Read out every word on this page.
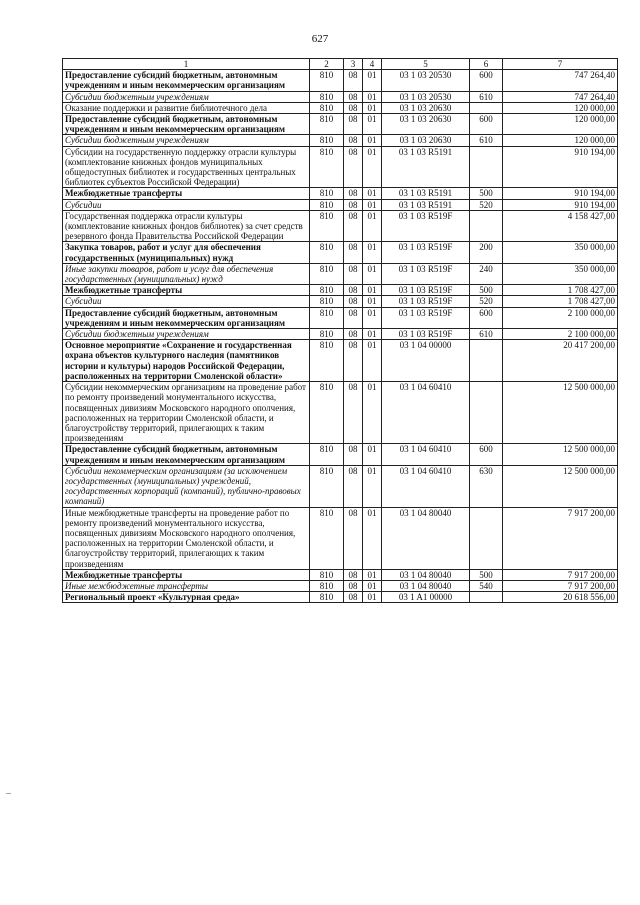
627
–
1	2	3	4	5	6	7
Предоставление субсидий бюджетным, автономным учреждениям и иным некоммерческим организациям	810	08	01	03 1 03 20530	600	747 264,40
Субсидии бюджетным учреждениям	810	08	01	03 1 03 20530	610	747 264,40
Оказание поддержки и развитие библиотечного дела	810	08	01	03 1 03 20630		120 000,00
Предоставление субсидий бюджетным, автономным учреждениям и иным некоммерческим организациям	810	08	01	03 1 03 20630	600	120 000,00
Субсидии бюджетным учреждениям	810	08	01	03 1 03 20630	610	120 000,00
Субсидии на государственную поддержку отрасли культуры (комплектование книжных фондов муниципальных общедоступных библиотек и государственных центральных библиотек субъектов Российской Федерации)	810	08	01	03 1 03 R5191		910 194,00
Межбюджетные трансферты	810	08	01	03 1 03 R5191	500	910 194,00
Субсидии	810	08	01	03 1 03 R5191	520	910 194,00
Государственная поддержка отрасли культуры (комплектование книжных фондов библиотек) за счет средств резервного фонда Правительства Российской Федерации	810	08	01	03 1 03 R519F		4 158 427,00
Закупка товаров, работ и услуг для обеспечения государственных (муниципальных) нужд	810	08	01	03 1 03 R519F	200	350 000,00
Иные закупки товаров, работ и услуг для обеспечения государственных (муниципальных) нужд	810	08	01	03 1 03 R519F	240	350 000,00
Межбюджетные трансферты	810	08	01	03 1 03 R519F	500	1 708 427,00
Субсидии	810	08	01	03 1 03 R519F	520	1 708 427,00
Предоставление субсидий бюджетным, автономным учреждениям и иным некоммерческим организациям	810	08	01	03 1 03 R519F	600	2 100 000,00
Субсидии бюджетным учреждениям	810	08	01	03 1 03 R519F	610	2 100 000,00
Основное мероприятие «Сохранение и государственная охрана объектов культурного наследия (памятников истории и культуры) народов Российской Федерации, расположенных на территории Смоленской области»	810	08	01	03 1 04 00000		20 417 200,00
Субсидии некоммерческим организациям на проведение работ по ремонту произведений монументального искусства, посвященных дивизиям Московского народного ополчения, расположенных на территории Смоленской области, и благоустройству территорий, прилегающих к таким произведениям	810	08	01	03 1 04 60410		12 500 000,00
Предоставление субсидий бюджетным, автономным учреждениям и иным некоммерческим организациям	810	08	01	03 1 04 60410	600	12 500 000,00
Субсидии некоммерческим организациям (за исключением государственных (муниципальных) учреждений, государственных корпораций (компаний), публично-правовых компаний)	810	08	01	03 1 04 60410	630	12 500 000,00
Иные межбюджетные трансферты на проведение работ по ремонту произведений монументального искусства, посвященных дивизиям Московского народного ополчения, расположенных на территории Смоленской области, и благоустройству территорий, прилегающих к таким произведениям	810	08	01	03 1 04 80040		7 917 200,00
Межбюджетные трансферты	810	08	01	03 1 04 80040	500	7 917 200,00
Иные межбюджетные трансферты	810	08	01	03 1 04 80040	540	7 917 200,00
Региональный проект «Культурная среда»	810	08	01	03 1 A1 00000		20 618 556,00
